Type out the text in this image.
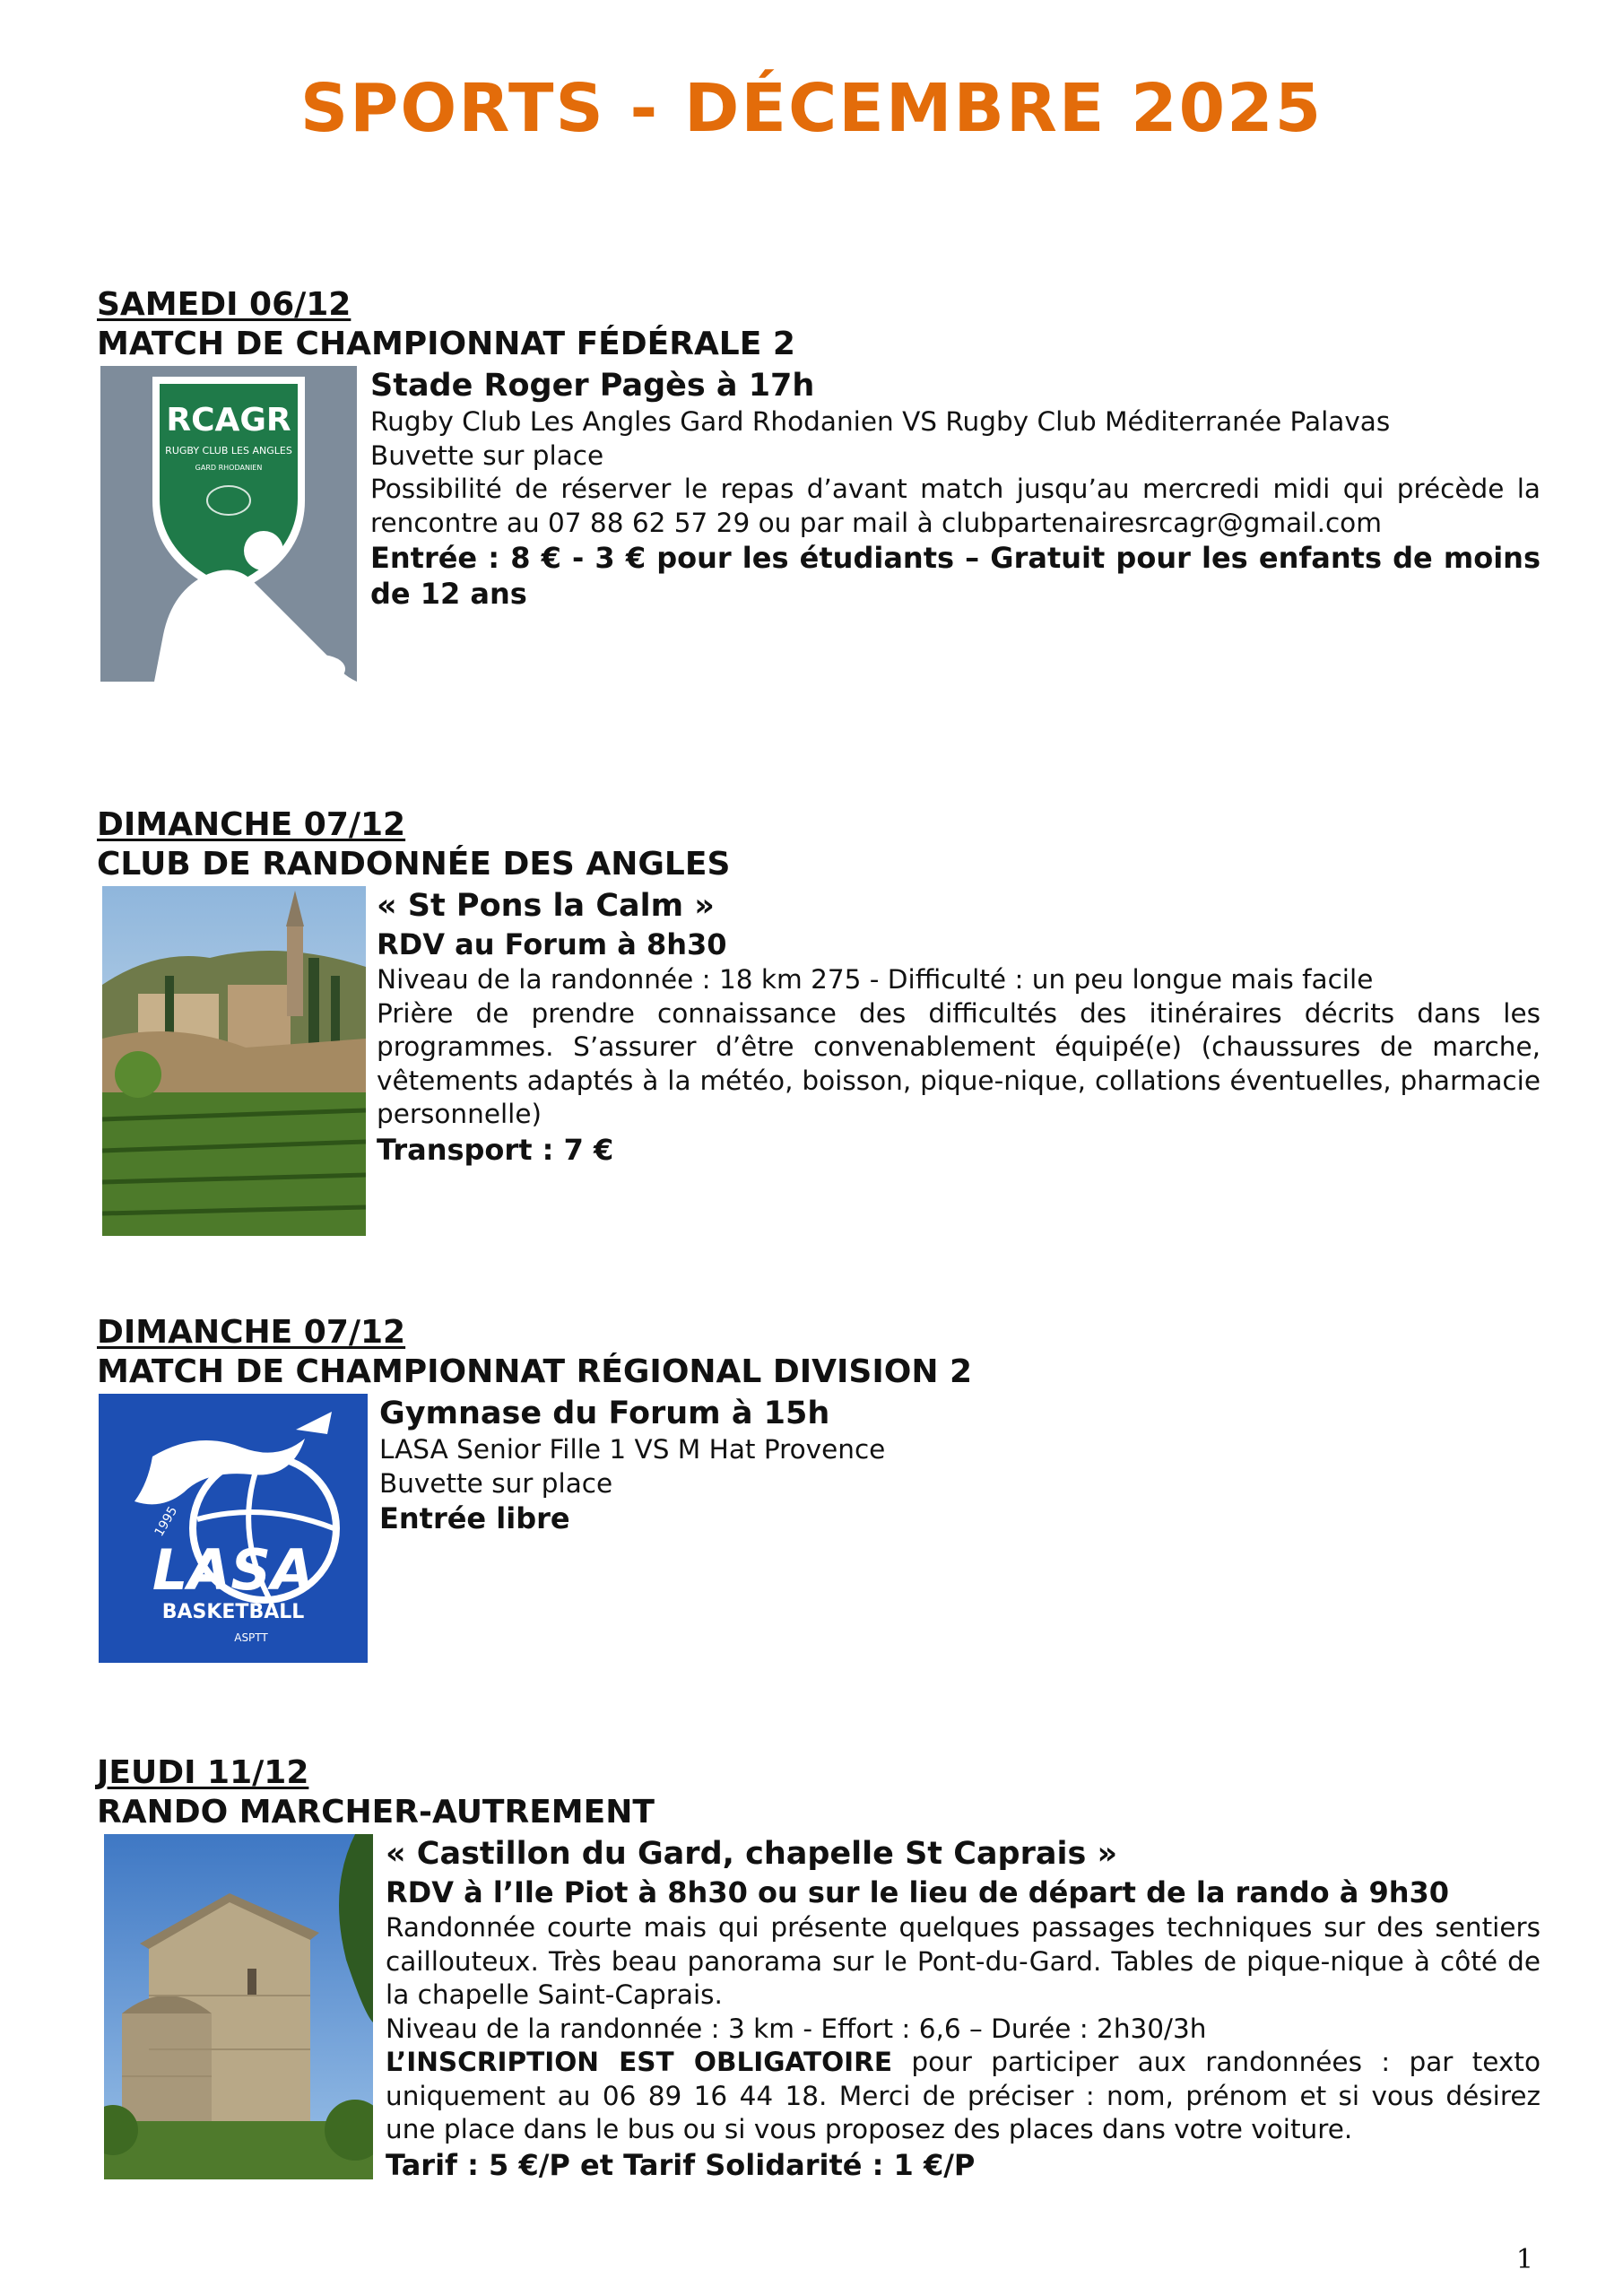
SPORTS - DÉCEMBRE 2025

SAMEDI 06/12

MATCH DE CHAMPIONNAT FÉDÉRALE 2

RCAGR
RUGBY CLUB LES ANGLES
GARD RHODANIEN

Stade Roger Pagès à 17h

Rugby Club Les Angles Gard Rhodanien VS Rugby Club Méditerranée Palavas

Buvette sur place

Possibilité de réserver le repas d’avant match jusqu’au mercredi midi qui précède la rencontre au 07 88 62 57 29 ou par mail à clubpartenairesrcagr@gmail.com

Entrée : 8 € - 3 € pour les étudiants – Gratuit pour les enfants de moins de 12 ans

DIMANCHE 07/12

CLUB DE RANDONNÉE DES ANGLES

« St Pons la Calm »

RDV au Forum à 8h30

Niveau de la randonnée : 18 km 275 - Difficulté : un peu longue mais facile

Prière de prendre connaissance des difficultés des itinéraires décrits dans les programmes. S’assurer d’être convenablement équipé(e) (chaussures de marche, vêtements adaptés à la météo, boisson, pique-nique, collations éventuelles, pharmacie personnelle)

Transport : 7 €

DIMANCHE 07/12

MATCH DE CHAMPIONNAT RÉGIONAL DIVISION 2

1995
LASA
BASKETBALL
ASPTT

Gymnase du Forum à 15h

LASA Senior Fille 1 VS M Hat Provence

Buvette sur place

Entrée libre

JEUDI 11/12

RANDO MARCHER-AUTREMENT

« Castillon du Gard, chapelle St Caprais »

RDV à l’Ile Piot à 8h30 ou sur le lieu de départ de la rando à 9h30

Randonnée courte mais qui présente quelques passages techniques sur des sentiers caillouteux. Très beau panorama sur le Pont-du-Gard. Tables de pique-nique à côté de la chapelle Saint-Caprais.

Niveau de la randonnée : 3 km - Effort : 6,6 – Durée : 2h30/3h

L’INSCRIPTION EST OBLIGATOIRE pour participer aux randonnées : par texto uniquement au 06 89 16 44 18. Merci de préciser : nom, prénom et si vous désirez une place dans le bus ou si vous proposez des places dans votre voiture.

Tarif : 5 €/P et Tarif Solidarité : 1 €/P

1
